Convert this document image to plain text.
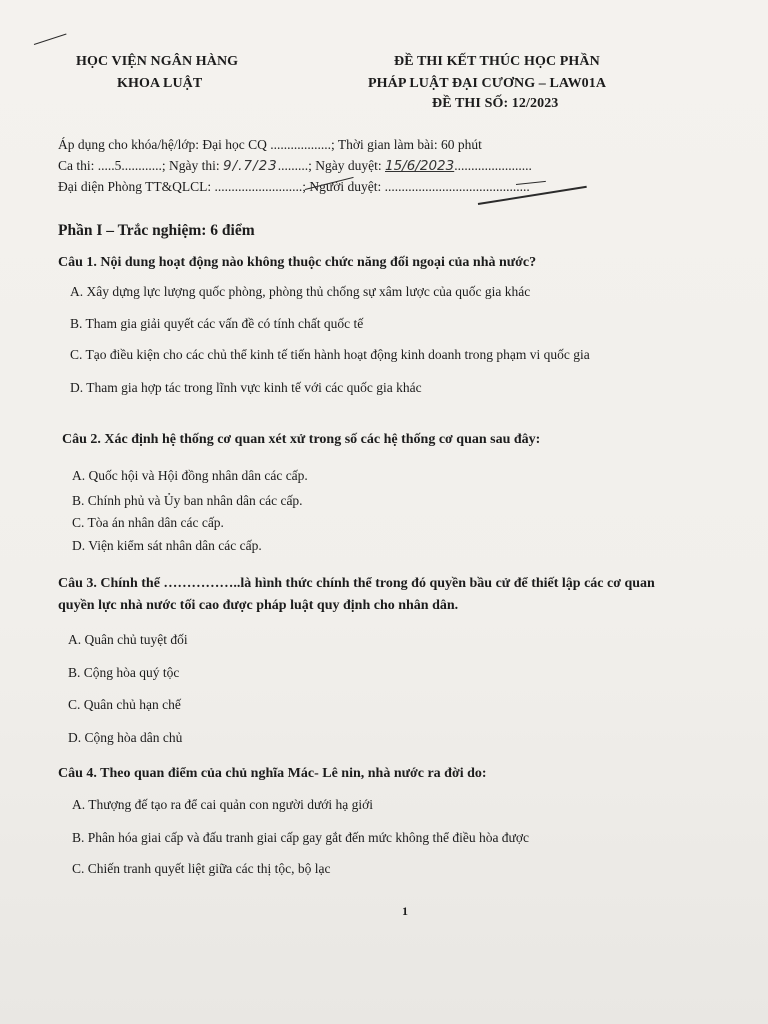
HỌC VIỆN NGÂN HÀNG
KHOA LUẬT
ĐỀ THI KẾT THÚC HỌC PHẦN
PHÁP LUẬT ĐẠI CƯƠNG – LAW01A
ĐỀ THI SỐ: 12/2023
Áp dụng cho khóa/hệ/lớp: Đại học CQ ..................; Thời gian làm bài: 60 phút
Ca thi: .....5............; Ngày thi: 9/.7/23.........; Ngày duyệt: 15/6/2023.......................
Đại diện Phòng TT&QLCL: ..........................; Người duyệt: ...........................................
Phần I – Trắc nghiệm: 6 điểm
Câu 1. Nội dung hoạt động nào không thuộc chức năng đối ngoại của nhà nước?
A. Xây dựng lực lượng quốc phòng, phòng thủ chống sự xâm lược của quốc gia khác
B. Tham gia giải quyết các vấn đề có tính chất quốc tế
C. Tạo điều kiện cho các chủ thể kinh tế tiến hành hoạt động kinh doanh trong phạm vi quốc gia
D. Tham gia hợp tác trong lĩnh vực kinh tế với các quốc gia khác
Câu 2. Xác định hệ thống cơ quan xét xử trong số các hệ thống cơ quan sau đây:
A. Quốc hội và Hội đồng nhân dân các cấp.
B. Chính phủ và Ủy ban nhân dân các cấp.
C. Tòa án nhân dân các cấp.
D. Viện kiểm sát nhân dân các cấp.
Câu 3. Chính thể ……………..là hình thức chính thể trong đó quyền bầu cử để thiết lập các cơ quan
quyền lực nhà nước tối cao được pháp luật quy định cho nhân dân.
A. Quân chủ tuyệt đối
B. Cộng hòa quý tộc
C. Quân chủ hạn chế
D. Cộng hòa dân chủ
Câu 4. Theo quan điểm của chủ nghĩa Mác- Lê nin, nhà nước ra đời do:
A. Thượng đế tạo ra để cai quản con người dưới hạ giới
B. Phân hóa giai cấp và đấu tranh giai cấp gay gắt đến mức không thể điều hòa được
C. Chiến tranh quyết liệt giữa các thị tộc, bộ lạc
1
